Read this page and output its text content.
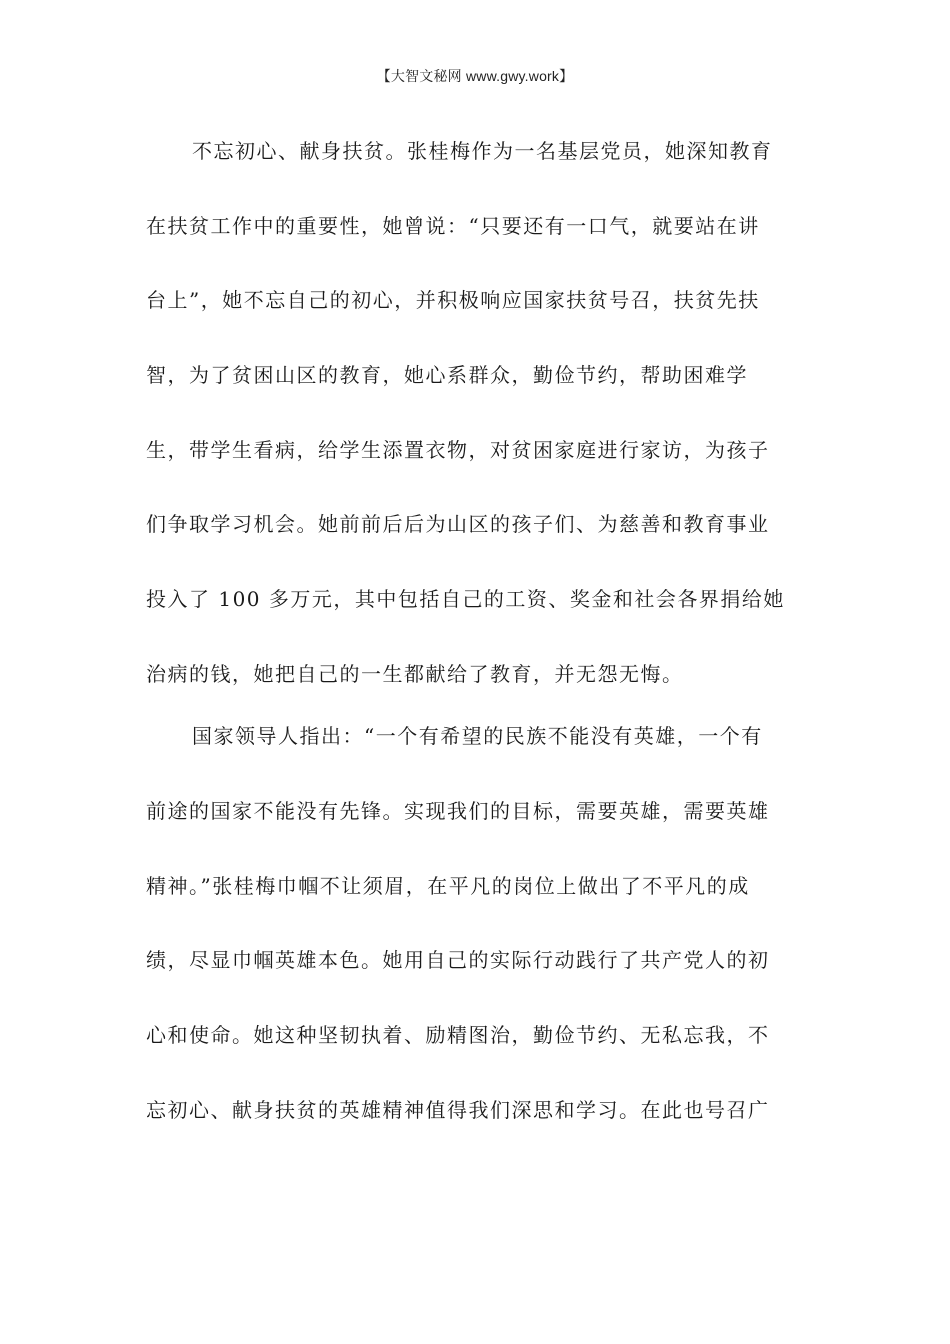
【大智文秘网 www.gwy.work】
不忘初心、献身扶贫。张桂梅作为一名基层党员，她深知教育
在扶贫工作中的重要性，她曾说：“只要还有一口气，就要站在讲
台上”，她不忘自己的初心，并积极响应国家扶贫号召，扶贫先扶
智，为了贫困山区的教育，她心系群众，勤俭节约，帮助困难学
生，带学生看病，给学生添置衣物，对贫困家庭进行家访，为孩子
们争取学习机会。她前前后后为山区的孩子们、为慈善和教育事业
投入了 100 多万元，其中包括自己的工资、奖金和社会各界捐给她
治病的钱，她把自己的一生都献给了教育，并无怨无悔。
国家领导人指出：“一个有希望的民族不能没有英雄，一个有
前途的国家不能没有先锋。实现我们的目标，需要英雄，需要英雄
精神。”张桂梅巾帼不让须眉，在平凡的岗位上做出了不平凡的成
绩，尽显巾帼英雄本色。她用自己的实际行动践行了共产党人的初
心和使命。她这种坚韧执着、励精图治，勤俭节约、无私忘我，不
忘初心、献身扶贫的英雄精神值得我们深思和学习。在此也号召广
